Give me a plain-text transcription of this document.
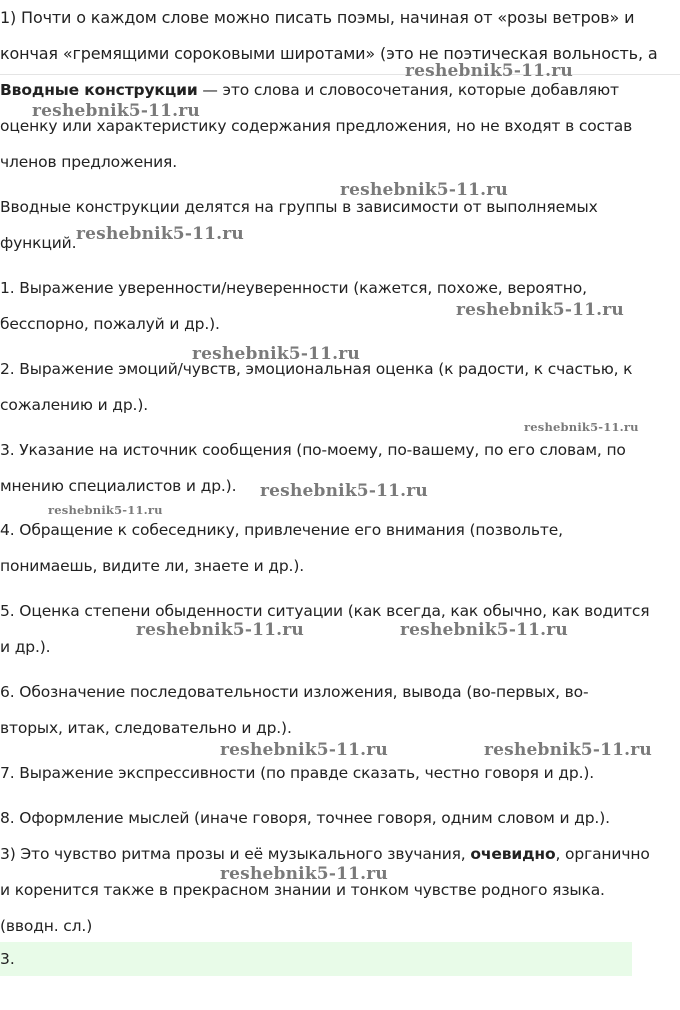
1) Почти о каждом слове можно писать поэмы, начиная от «розы ветров» и
кончая «гремящими сороковыми широтами» (это не поэтическая вольность, а
Вводные конструкции — это слова и словосочетания, которые добавляют
оценку или характеристику содержания предложения, но не входят в состав
членов предложения.
Вводные конструкции делятся на группы в зависимости от выполняемых
функций.
1. Выражение уверенности/неуверенности (кажется, похоже, вероятно,
бесспорно, пожалуй и др.).
2. Выражение эмоций/чувств, эмоциональная оценка (к радости, к счастью, к
сожалению и др.).
3. Указание на источник сообщения (по-моему, по-вашему, по его словам, по
мнению специалистов и др.).
4. Обращение к собеседнику, привлечение его внимания (позвольте,
понимаешь, видите ли, знаете и др.).
5. Оценка степени обыденности ситуации (как всегда, как обычно, как водится
и др.).
6. Обозначение последовательности изложения, вывода (во-первых, во-
вторых, итак, следовательно и др.).
7. Выражение экспрессивности (по правде сказать, честно говоря и др.).
8. Оформление мыслей (иначе говоря, точнее говоря, одним словом и др.).
3) Это чувство ритма прозы и её музыкального звучания, очевидно, органично
и коренится также в прекрасном знании и тонком чувстве родного языка.
(вводн. сл.)
3.
reshebnik5-11.ru
reshebnik5-11.ru
reshebnik5-11.ru
reshebnik5-11.ru
reshebnik5-11.ru
reshebnik5-11.ru
reshebnik5-11.ru
reshebnik5-11.ru
reshebnik5-11.ru
reshebnik5-11.ru	reshebnik5-11.ru
reshebnik5-11.ru	reshebnik5-11.ru
reshebnik5-11.ru
